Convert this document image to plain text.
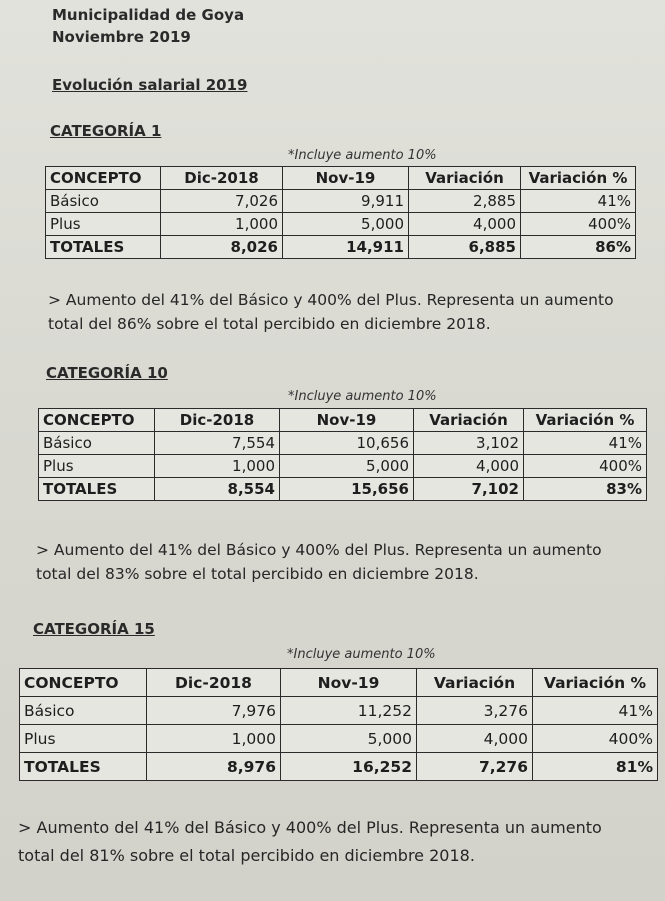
Municipalidad de Goya
Noviembre 2019
Evolución salarial 2019
CATEGORÍA 1
*Incluye aumento 10%
CONCEPTO	Dic-2018	Nov-19	Variación	Variación %
Básico	7,026	9,911	2,885	41%
Plus	1,000	5,000	4,000	400%
TOTALES	8,026	14,911	6,885	86%
> Aumento del 41% del Básico y 400% del Plus. Representa un aumento
total del 86% sobre el total percibido en diciembre 2018.
CATEGORÍA 10
*Incluye aumento 10%
CONCEPTO	Dic-2018	Nov-19	Variación	Variación %
Básico	7,554	10,656	3,102	41%
Plus	1,000	5,000	4,000	400%
TOTALES	8,554	15,656	7,102	83%
> Aumento del 41% del Básico y 400% del Plus. Representa un aumento
total del 83% sobre el total percibido en diciembre 2018.
CATEGORÍA 15
*Incluye aumento 10%
CONCEPTO	Dic-2018	Nov-19	Variación	Variación %
Básico	7,976	11,252	3,276	41%
Plus	1,000	5,000	4,000	400%
TOTALES	8,976	16,252	7,276	81%
> Aumento del 41% del Básico y 400% del Plus. Representa un aumento
total del 81% sobre el total percibido en diciembre 2018.
